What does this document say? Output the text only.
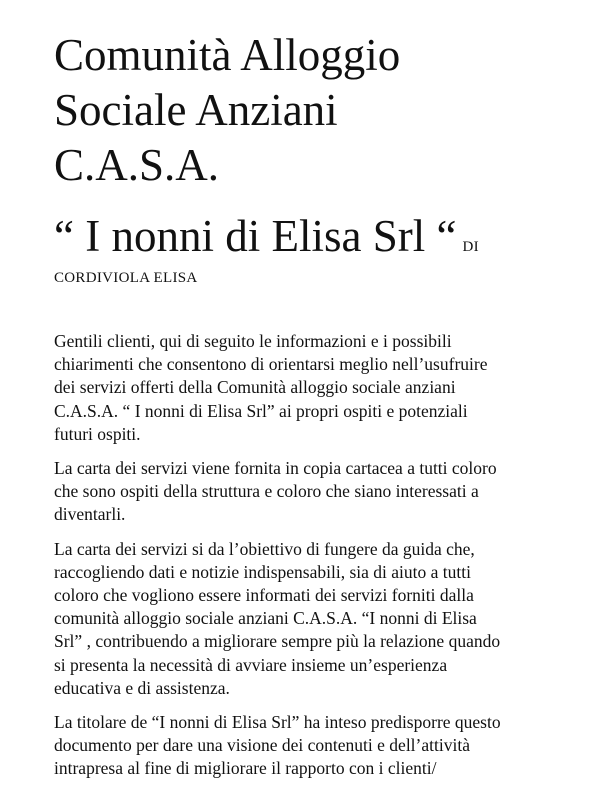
Comunità Alloggio
Sociale Anziani
C.A.S.A.
“ I nonni di Elisa Srl “ DI
CORDIVIOLA ELISA

Gentili clienti, qui di seguito le informazioni e i possibili
chiarimenti che consentono di orientarsi meglio nell’usufruire
dei servizi offerti della Comunità alloggio sociale anziani
C.A.S.A. “ I nonni di Elisa Srl” ai propri ospiti e potenziali
futuri ospiti.

La carta dei servizi viene fornita in copia cartacea a tutti coloro
che sono ospiti della struttura e coloro che siano interessati a
diventarli.

La carta dei servizi si da l’obiettivo di fungere da guida che,
raccogliendo dati e notizie indispensabili, sia di aiuto a tutti
coloro che vogliono essere informati dei servizi forniti dalla
comunità alloggio sociale anziani C.A.S.A. “I nonni di Elisa
Srl” , contribuendo a migliorare sempre più la relazione quando
si presenta la necessità di avviare insieme un’esperienza
educativa e di assistenza.

La titolare de “I nonni di Elisa Srl” ha inteso predisporre questo
documento per dare una visione dei contenuti e dell’attività
intrapresa al fine di migliorare il rapporto con i clienti/
